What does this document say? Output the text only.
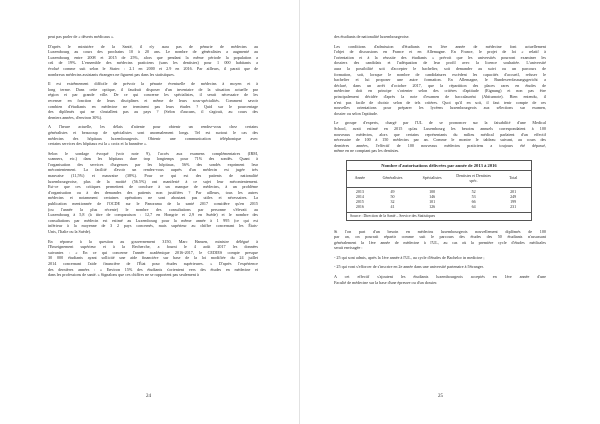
peut pas parler de « déserts médicaux ».
D'après le ministère de la Santé, il n'y aura pas de pénurie de médecins au
Luxembourg au cours des prochains 10 à 20 ans. Le nombre de généralistes a augmenté au
Luxembourg entre 2008 et 2015 de 25%, alors que pendant la même période la population a
crû de 19%. L'ensemble des médecins praticiens (sans les dentistes) pour 1 000 habitants a
évolué comme suit selon le Statec : 2.1 en 2000 et 2.9 en 2016. Par ailleurs, il parait que de
nombreux médecins assistants étrangers ne figurent pas dans les statistiques.
Il est extrêmement difficile de prévoir la pénurie éventuelle de médecins à moyen et à
long terme. Dans cette optique, il faudrait disposer d'un inventaire de la situation actuelle par
région et par grande ville. De ce qui concerne les spécialistes, il serait nécessaire de les
recenser en fonction de leurs disciplines et même de leurs sous-spécialités. Comment savoir
combien d'étudiants en médecine ne terminent pas leurs études ? Quid sur le pourcentage
des diplômés qui ne s'installent pas au pays ? (Selon d'aucuns, il s'agirait, au cours des
derniers années, d'environ 30%).
A l'heure actuelle, les délais d'attente pour obtenir un rendez-vous chez certains
généralistes et beaucoup de spécialistes sont anormalement longs. Tel est surtout le cas des
médecins des hôpitaux luxembourgeois. Obtenir une communication téléphonique avec
certains services des hôpitaux est la « croix et la bannière ».
Selon le sondage évoqué (voir note 9), l'accès aux examens complémentaires (IRM,
scanners, etc.) dans les hôpitaux dure trop longtemps pour 71% des sondés. Quant à
l'organisation des services d'urgences par les hôpitaux, 56% des sondés expriment leur
mécontentement. La facilité d'avoir un rendez-vous auprès d'un médecin est jugée très
mauvaise (11,5%) et mauvaise (38%). Pour ce qui est des patients de nationalité
luxembourgeoise, plus de la moitié (56.5%) ont manifesté à ce sujet leur mécontentement.
Est-ce que ces critiques permettent de conclure à un manque de médecins, à un problème
d'organisation ou à des demandes des patients non justifiées ? Par ailleurs, tous les autres
médecins et notamment certaines opérations ne sont aboutant pas utiles et nécessaires. La
publication mentionnée de l'OCDE sur le Panorama de la santé 2017 considère qu'en 2015
(ou l'année la plus récente) le nombre des consultations par personne s'élevait au
Luxembourg à 5,8 (à titre de comparaison : 12,7 en Hongrie et 2,9 en Suède) et le nombre des
consultations par médecin est estimé au Luxembourg pour la même année à 1 995 (ce qui est
inférieur à la moyenne de 3 2 pays concernés, mais supérieur au chiffre concernant les États-
Unis, l'Italie ou la Suède).
En réponse à la question au gouvernement 3150, Marc Hansen, ministre délégué à
l'Enseignement supérieur et à la Recherche, a fourni le 4 août 2017 les données
suivantes : « En ce qui concerne l'année académique 2016-2017, le CEDIES compte presque
30 000 étudiants ayant sollicité une aide financière sur base de la loi modifiée du 24 juillet
2014 concernant l'aide financière de l'État pour études supérieures. » D'après l'expérience
des dernières années : « Environ 15% des étudiants s'orientent vers des études en médecine et
dans les professions de santé. » Signalons que ces chiffres ne se rapportent pas seulement à
24
des étudiants de nationalité luxembourgeoise.
Les conditions d'admission d'étudiants en 1ère année de médecine font actuellement
l'objet de discussions en France et en Allemagne. En France, le projet de loi « relatif à
l'orientation et à la réussite des étudiants » prévoit que les universités pourront examiner les
dossiers des candidats et l'adéquation de leur profil avec la licence souhaitée. L'université
aura la possibilité soit d'accepter le bachelier, soit demander au suivi ou un parcours de
formation, soit, lorsque le nombre de candidatures excèdent les capacités d'accueil, refuser le
bachelier et lui proposer une autre formation. En Allemagne, le Bundesverfassungsgericht a
déclaré, dans un arrêt d'octobre 2017, que la répartition des places rares en études de
médecine doit en principe s'orienter selon des critères d'aptitude (Eignung) et non pas être
principalement décidée d'après la note d'examen de baccalauréat (Abiturnote). Bien entendu, il
n'est pas facile de choisir selon de tels critères. Quoi qu'il en soit, il faut tenir compte de ces
nouvelles orientations pour préparer les lycéens luxembourgeois aux sélections sur examen,
dossier ou selon l'aptitude.
Le groupe d'experts, chargé par l'UL de se prononcer sur la faisabilité d'une Medical
School, avait estimé en 2015 qu'au Luxembourg les besoins annuels correspondaient à 100
nouveaux médecins, alors que certains représentants du milieu médical parlaient d'un effectif
nécessaire de 100 à 150 médecins par an. Comme le montre le tableau suivant, au cours des
dernières années, l'effectif de 100 nouveaux médecins praticiens a toujours été dépassé,
même en ne comptant pas les dentistes.
Nombre d'autorisations délivrées par année de 2013 à 2016
Année	Généralistes	Spécialistes	Dentistes et Dentistes spéc.	Total
2013	49	100	52	201
2014	50	146	53	249
2015	32	101	66	199
2016	41	126	64	231
Source : Direction de la Santé – Service des Statistiques
Si l'on part d'un besoin en médecins luxembourgeois nouvellement diplômés de 100
par an, on pourrait répartir comme suit le parcours des études des 50 étudiants n'assassant
généralement la 1ère année de médecine à l'UL, au cas où la première cycle d'études médicales
serait envisagée :
- 25 qui sont admis, après la 1ère année à l'UL, au cycle d'études de Bachelor in medicine ;
- 25 qui vont s'efforcer de s'inscrire en 2e année dans une université partenaire à l'étranger.
A cet effectif s'ajoutent les étudiants luxembourgeois acceptés en 1ère année d'une
Faculté de médecine sur la base d'une épreuve ou d'un dossier.
25
